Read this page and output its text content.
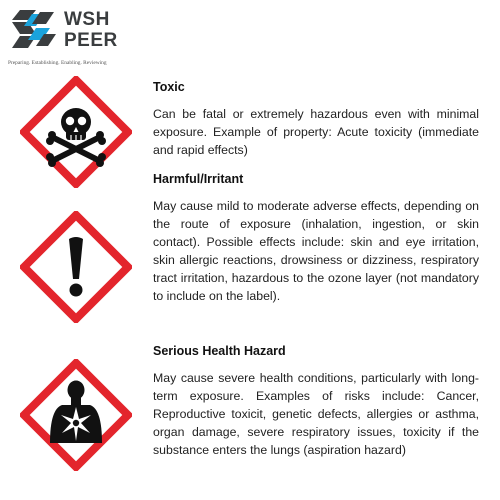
WSH
PEER
Preparing. Establishing. Enabling. Reviewing
Toxic

Can be fatal or extremely hazardous even with minimal exposure. Example of property: Acute toxicity (immediate and rapid effects)

Harmful/Irritant

May cause mild to moderate adverse effects, depending on the route of exposure (inhalation, ingestion, or skin contact). Possible effects include: skin and eye irritation, skin allergic reactions, drowsiness or dizziness, respiratory tract irritation, hazardous to the ozone layer (not mandatory to include on the label).

Serious Health Hazard

May cause severe health conditions, particularly with long-term exposure. Examples of risks include: Cancer, Reproductive toxicit, genetic defects, allergies or asthma, organ damage, severe respiratory issues, toxicity if the substance enters the lungs (aspiration hazard)
